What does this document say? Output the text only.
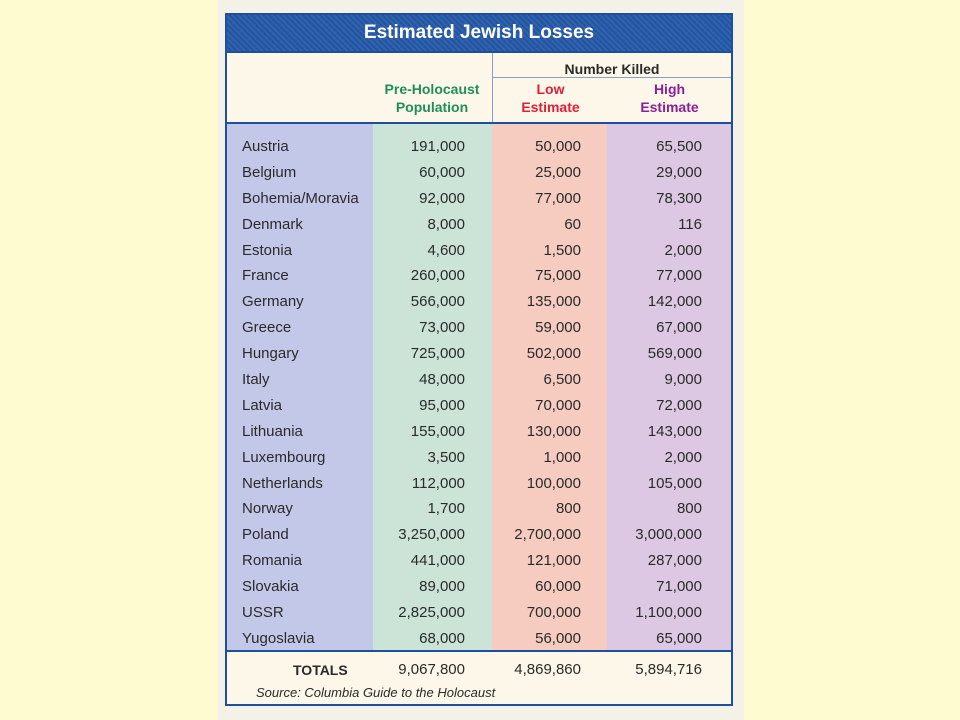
Estimated Jewish Losses
Number Killed
Pre-Holocaust
Population
Low
Estimate
High
Estimate
Austria	191,000	50,000	65,500
Belgium	60,000	25,000	29,000
Bohemia/Moravia	92,000	77,000	78,300
Denmark	8,000	60	116
Estonia	4,600	1,500	2,000
France	260,000	75,000	77,000
Germany	566,000	135,000	142,000
Greece	73,000	59,000	67,000
Hungary	725,000	502,000	569,000
Italy	48,000	6,500	9,000
Latvia	95,000	70,000	72,000
Lithuania	155,000	130,000	143,000
Luxembourg	3,500	1,000	2,000
Netherlands	112,000	100,000	105,000
Norway	1,700	800	800
Poland	3,250,000	2,700,000	3,000,000
Romania	441,000	121,000	287,000
Slovakia	89,000	60,000	71,000
USSR	2,825,000	700,000	1,100,000
Yugoslavia	68,000	56,000	65,000
TOTALS	9,067,800	4,869,860	5,894,716
Source: Columbia Guide to the Holocaust
